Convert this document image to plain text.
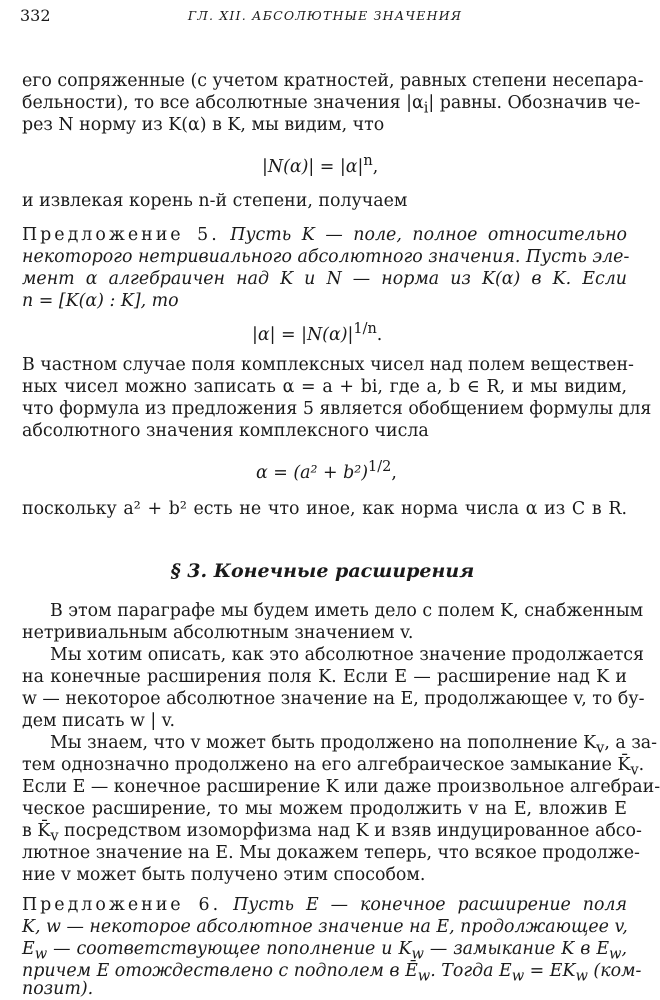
332	ГЛ. XII. АБСОЛЮТНЫЕ ЗНАЧЕНИЯ
его сопряженные (с учетом кратностей, равных степени несепара-
бельности), то все абсолютные значения $|\alpha_i|$ равны. Обозначив че-
рез N норму из K(α) в K, мы видим, что
$|N(\alpha)| = |\alpha|^n$,
и извлекая корень n-й степени, получаем
Предложение 5. Пусть K — поле, полное относительно
некоторого нетривиального абсолютного значения. Пусть эле-
мент α алгебраичен над K и N — норма из K(α) в K. Если
n = [K(α) : K], то
$|\alpha| = |N(\alpha)|^{1/n}$.
В частном случае поля комплексных чисел над полем веществен-
ных чисел можно записать α = a + bi, где a, b ∈ R, и мы видим,
что формула из предложения 5 является обобщением формулы для
абсолютного значения комплексного числа
$\alpha = (a^2 + b^2)^{1/2}$,
поскольку a² + b² есть не что иное, как норма числа α из C в R.
§ 3. Конечные расширения
В этом параграфе мы будем иметь дело с полем K, снабженным
нетривиальным абсолютным значением v.
Мы хотим описать, как это абсолютное значение продолжается
на конечные расширения поля K. Если E — расширение над K и
w — некоторое абсолютное значение на E, продолжающее v, то бу-
дем писать w | v.
Мы знаем, что v может быть продолжено на пополнение $K_v$, а за-
тем однозначно продолжено на его алгебраическое замыкание $K̄_v$.
Если E — конечное расширение K или даже произвольное алгебраи-
ческое расширение, то мы можем продолжить v на E, вложив E
в $K̄_v$ посредством изоморфизма над K и взяв индуцированное абсо-
лютное значение на E. Мы докажем теперь, что всякое продолже-
ние v может быть получено этим способом.
Предложение 6. Пусть E — конечное расширение поля
K, w — некоторое абсолютное значение на E, продолжающее v,
$E_w$ — соответствующее пополнение и $K_w$ — замыкание K в $E_w$,
причем E отождествлено с подполем в $Ē_w$. Тогда $E_w = EK_w$ (ком-
позит).
